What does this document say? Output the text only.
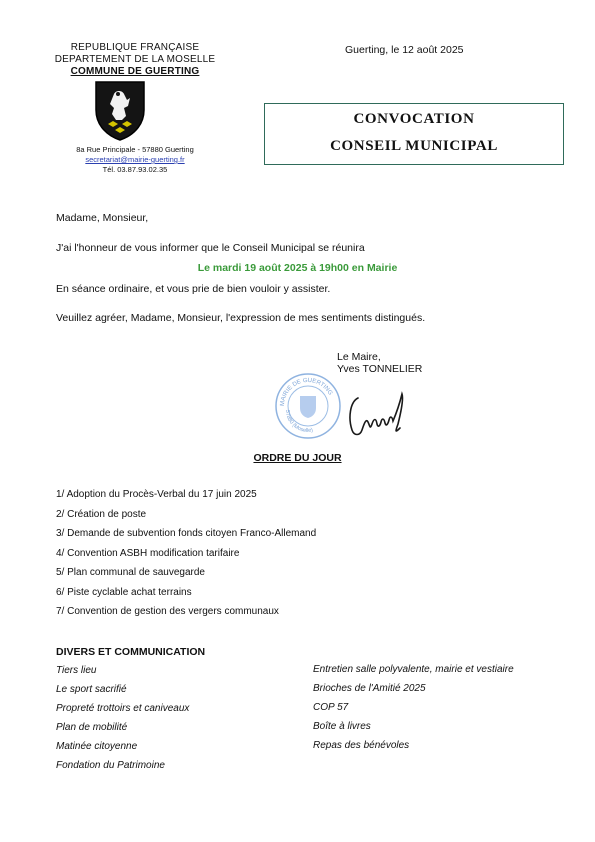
REPUBLIQUE FRANÇAISE
DEPARTEMENT DE LA MOSELLE
COMMUNE DE GUERTING
8a Rue Principale - 57880 Guerting
secretariat@mairie-guerting.fr
Tél. 03.87.93.02.35
Guerting, le 12 août 2025
CONVOCATION
CONSEIL MUNICIPAL
Madame, Monsieur,
J'ai l'honneur de vous informer que le Conseil Municipal se réunira
Le mardi 19 août 2025 à 19h00 en Mairie
En séance ordinaire, et vous prie de bien vouloir y assister.
Veuillez agréer, Madame, Monsieur, l'expression de mes sentiments distingués.
Le Maire,
Yves TONNELIER
MAIRIE DE GUERTING
57880 (Moselle)
ORDRE DU JOUR
1/ Adoption du Procès-Verbal du 17 juin 2025
2/ Création de poste
3/ Demande de subvention fonds citoyen Franco-Allemand
4/ Convention ASBH modification tarifaire
5/ Plan communal de sauvegarde
6/ Piste cyclable achat terrains
7/ Convention de gestion des vergers communaux
DIVERS ET COMMUNICATION
Tiers lieu
Le sport sacrifié
Propreté trottoirs et caniveaux
Plan de mobilité
Matinée citoyenne
Fondation du Patrimoine
Entretien salle polyvalente, mairie et vestiaire
Brioches de l'Amitié 2025
COP 57
Boîte à livres
Repas des bénévoles
